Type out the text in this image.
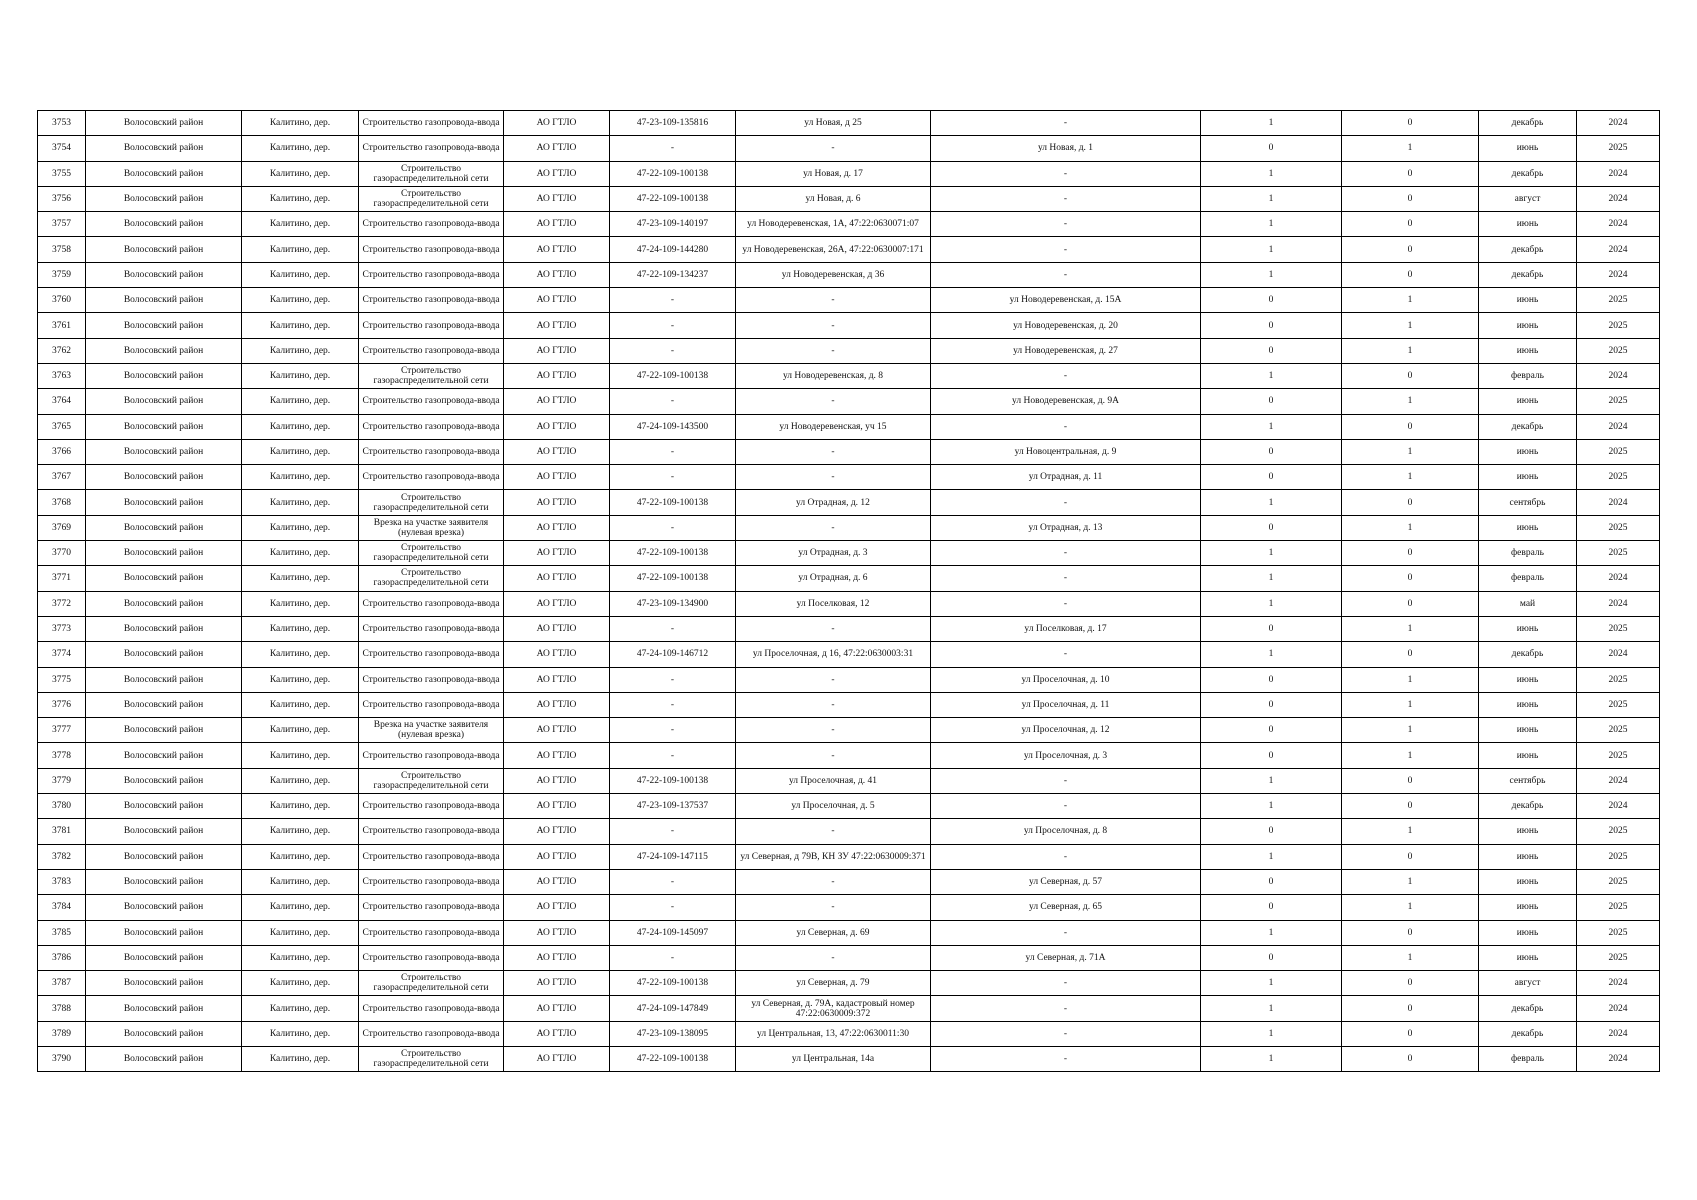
3753	Волосовский район	Калитино, дер.	Строительство газопровода-ввода	АО ГТЛО	47-23-109-135816	ул Новая, д 25	-	1	0	декабрь	2024
3754	Волосовский район	Калитино, дер.	Строительство газопровода-ввода	АО ГТЛО	-	-	ул Новая, д. 1	0	1	июнь	2025
3755	Волосовский район	Калитино, дер.	Строительство газораспределительной сети	АО ГТЛО	47-22-109-100138	ул Новая, д. 17	-	1	0	декабрь	2024
3756	Волосовский район	Калитино, дер.	Строительство газораспределительной сети	АО ГТЛО	47-22-109-100138	ул Новая, д. 6	-	1	0	август	2024
3757	Волосовский район	Калитино, дер.	Строительство газопровода-ввода	АО ГТЛО	47-23-109-140197	ул Новодеревенская, 1А, 47:22:0630071:07	-	1	0	июнь	2024
3758	Волосовский район	Калитино, дер.	Строительство газопровода-ввода	АО ГТЛО	47-24-109-144280	ул Новодеревенская, 26А, 47:22:0630007:171	-	1	0	декабрь	2024
3759	Волосовский район	Калитино, дер.	Строительство газопровода-ввода	АО ГТЛО	47-22-109-134237	ул Новодеревенская, д 36	-	1	0	декабрь	2024
3760	Волосовский район	Калитино, дер.	Строительство газопровода-ввода	АО ГТЛО	-	-	ул Новодеревенская, д. 15А	0	1	июнь	2025
3761	Волосовский район	Калитино, дер.	Строительство газопровода-ввода	АО ГТЛО	-	-	ул Новодеревенская, д. 20	0	1	июнь	2025
3762	Волосовский район	Калитино, дер.	Строительство газопровода-ввода	АО ГТЛО	-	-	ул Новодеревенская, д. 27	0	1	июнь	2025
3763	Волосовский район	Калитино, дер.	Строительство газораспределительной сети	АО ГТЛО	47-22-109-100138	ул Новодеревенская, д. 8	-	1	0	февраль	2024
3764	Волосовский район	Калитино, дер.	Строительство газопровода-ввода	АО ГТЛО	-	-	ул Новодеревенская, д. 9А	0	1	июнь	2025
3765	Волосовский район	Калитино, дер.	Строительство газопровода-ввода	АО ГТЛО	47-24-109-143500	ул Новодеревенская, уч 15	-	1	0	декабрь	2024
3766	Волосовский район	Калитино, дер.	Строительство газопровода-ввода	АО ГТЛО	-	-	ул Новоцентральная, д. 9	0	1	июнь	2025
3767	Волосовский район	Калитино, дер.	Строительство газопровода-ввода	АО ГТЛО	-	-	ул Отрадная, д. 11	0	1	июнь	2025
3768	Волосовский район	Калитино, дер.	Строительство газораспределительной сети	АО ГТЛО	47-22-109-100138	ул Отрадная, д. 12	-	1	0	сентябрь	2024
3769	Волосовский район	Калитино, дер.	Врезка на участке заявителя (нулевая врезка)	АО ГТЛО	-	-	ул Отрадная, д. 13	0	1	июнь	2025
3770	Волосовский район	Калитино, дер.	Строительство газораспределительной сети	АО ГТЛО	47-22-109-100138	ул Отрадная, д. 3	-	1	0	февраль	2025
3771	Волосовский район	Калитино, дер.	Строительство газораспределительной сети	АО ГТЛО	47-22-109-100138	ул Отрадная, д. 6	-	1	0	февраль	2024
3772	Волосовский район	Калитино, дер.	Строительство газопровода-ввода	АО ГТЛО	47-23-109-134900	ул Поселковая, 12	-	1	0	май	2024
3773	Волосовский район	Калитино, дер.	Строительство газопровода-ввода	АО ГТЛО	-	-	ул Поселковая, д. 17	0	1	июнь	2025
3774	Волосовский район	Калитино, дер.	Строительство газопровода-ввода	АО ГТЛО	47-24-109-146712	ул Проселочная, д 16, 47:22:0630003:31	-	1	0	декабрь	2024
3775	Волосовский район	Калитино, дер.	Строительство газопровода-ввода	АО ГТЛО	-	-	ул Проселочная, д. 10	0	1	июнь	2025
3776	Волосовский район	Калитино, дер.	Строительство газопровода-ввода	АО ГТЛО	-	-	ул Проселочная, д. 11	0	1	июнь	2025
3777	Волосовский район	Калитино, дер.	Врезка на участке заявителя (нулевая врезка)	АО ГТЛО	-	-	ул Проселочная, д. 12	0	1	июнь	2025
3778	Волосовский район	Калитино, дер.	Строительство газопровода-ввода	АО ГТЛО	-	-	ул Проселочная, д. 3	0	1	июнь	2025
3779	Волосовский район	Калитино, дер.	Строительство газораспределительной сети	АО ГТЛО	47-22-109-100138	ул Проселочная, д. 41	-	1	0	сентябрь	2024
3780	Волосовский район	Калитино, дер.	Строительство газопровода-ввода	АО ГТЛО	47-23-109-137537	ул Проселочная, д. 5	-	1	0	декабрь	2024
3781	Волосовский район	Калитино, дер.	Строительство газопровода-ввода	АО ГТЛО	-	-	ул Проселочная, д. 8	0	1	июнь	2025
3782	Волосовский район	Калитино, дер.	Строительство газопровода-ввода	АО ГТЛО	47-24-109-147115	ул Северная, д 79В, КН ЗУ 47:22:0630009:371	-	1	0	июнь	2025
3783	Волосовский район	Калитино, дер.	Строительство газопровода-ввода	АО ГТЛО	-	-	ул Северная, д. 57	0	1	июнь	2025
3784	Волосовский район	Калитино, дер.	Строительство газопровода-ввода	АО ГТЛО	-	-	ул Северная, д. 65	0	1	июнь	2025
3785	Волосовский район	Калитино, дер.	Строительство газопровода-ввода	АО ГТЛО	47-24-109-145097	ул Северная, д. 69	-	1	0	июнь	2025
3786	Волосовский район	Калитино, дер.	Строительство газопровода-ввода	АО ГТЛО	-	-	ул Северная, д. 71А	0	1	июнь	2025
3787	Волосовский район	Калитино, дер.	Строительство газораспределительной сети	АО ГТЛО	47-22-109-100138	ул Северная, д. 79	-	1	0	август	2024
3788	Волосовский район	Калитино, дер.	Строительство газопровода-ввода	АО ГТЛО	47-24-109-147849	ул Северная, д. 79А, кадастровый номер 47:22:0630009:372	-	1	0	декабрь	2024
3789	Волосовский район	Калитино, дер.	Строительство газопровода-ввода	АО ГТЛО	47-23-109-138095	ул Центральная, 13, 47:22:0630011:30	-	1	0	декабрь	2024
3790	Волосовский район	Калитино, дер.	Строительство газораспределительной сети	АО ГТЛО	47-22-109-100138	ул Центральная, 14а	-	1	0	февраль	2024
